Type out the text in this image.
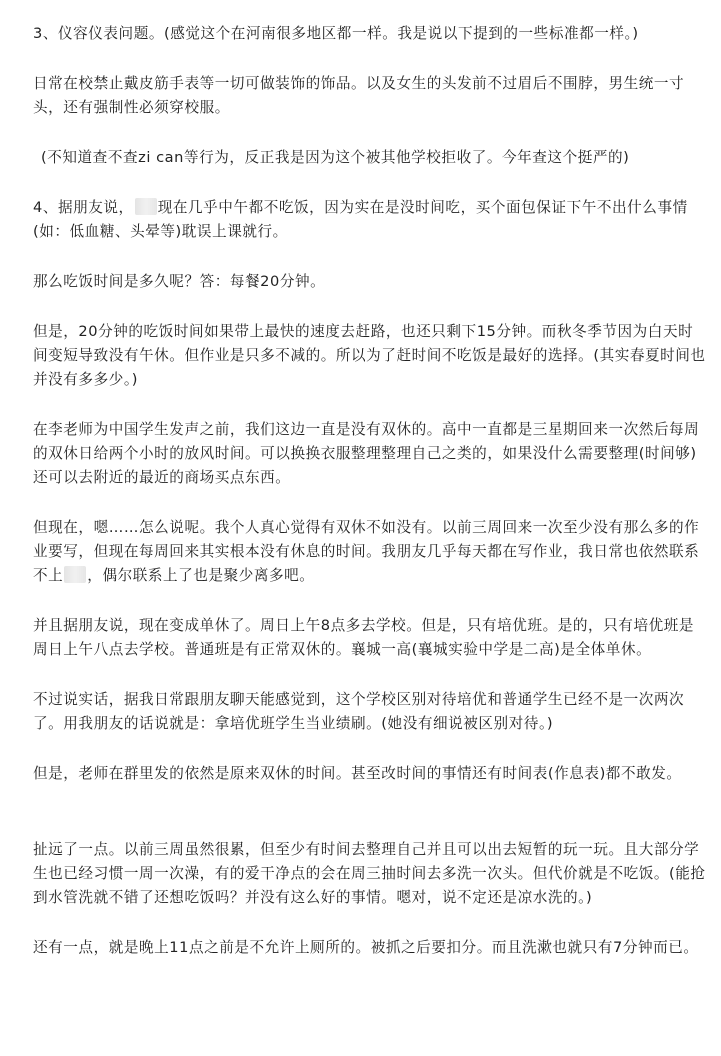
3、仪容仪表问题。(感觉这个在河南很多地区都一样。我是说以下提到的一些标准都一样。)

日常在校禁止戴皮筋手表等一切可做装饰的饰品。以及女生的头发前不过眉后不围脖，男生统一寸头，还有强制性必须穿校服。

(不知道查不查zi can等行为，反正我是因为这个被其他学校拒收了。今年查这个挺严的)

4、据朋友说， 现在几乎中午都不吃饭，因为实在是没时间吃，买个面包保证下午不出什么事情(如：低血糖、头晕等)耽误上课就行。

那么吃饭时间是多久呢？答：每餐20分钟。

但是，20分钟的吃饭时间如果带上最快的速度去赶路，也还只剩下15分钟。而秋冬季节因为白天时间变短导致没有午休。但作业是只多不减的。所以为了赶时间不吃饭是最好的选择。(其实春夏时间也并没有多多少。)

在李老师为中国学生发声之前，我们这边一直是没有双休的。高中一直都是三星期回来一次然后每周的双休日给两个小时的放风时间。可以换换衣服整理整理自己之类的，如果没什么需要整理(时间够)还可以去附近的最近的商场买点东西。

但现在，嗯……怎么说呢。我个人真心觉得有双休不如没有。以前三周回来一次至少没有那么多的作业要写，但现在每周回来其实根本没有休息的时间。我朋友几乎每天都在写作业，我日常也依然联系不上 ，偶尔联系上了也是聚少离多吧。

并且据朋友说，现在变成单休了。周日上午8点多去学校。但是，只有培优班。是的，只有培优班是周日上午八点去学校。普通班是有正常双休的。襄城一高(襄城实验中学是二高)是全体单休。

不过说实话，据我日常跟朋友聊天能感觉到，这个学校区别对待培优和普通学生已经不是一次两次了。用我朋友的话说就是：拿培优班学生当业绩刷。(她没有细说被区别对待。)

但是，老师在群里发的依然是原来双休的时间。甚至改时间的事情还有时间表(作息表)都不敢发。

扯远了一点。以前三周虽然很累，但至少有时间去整理自己并且可以出去短暂的玩一玩。且大部分学生也已经习惯一周一次澡，有的爱干净点的会在周三抽时间去多洗一次头。但代价就是不吃饭。(能抢到水管洗就不错了还想吃饭吗？并没有这么好的事情。嗯对，说不定还是凉水洗的。)

还有一点，就是晚上11点之前是不允许上厕所的。被抓之后要扣分。而且洗漱也就只有7分钟而已。
